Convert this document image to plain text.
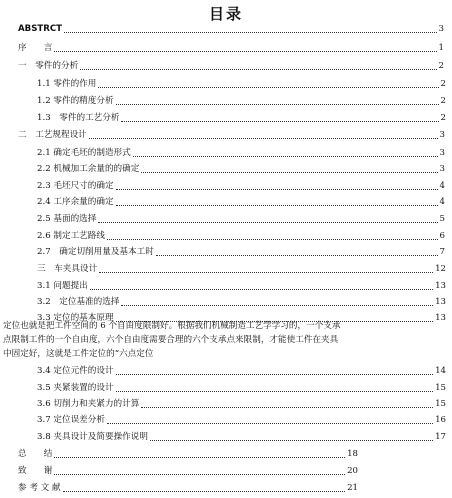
目录
ABSTRCT	3
序　　言	1
一　零件的分析	2
1.1 零件的作用	2
1.2 零件的精度分析	2
1.3　零件的工艺分析	2
二　工艺规程设计	3
2.1 确定毛坯的制造形式	3
2.2 机械加工余量的的确定	3
2.3 毛坯尺寸的确定	4
2.4 工序余量的确定	4
2.5 基面的选择	5
2.6 制定工艺路线	6
2.7　确定切削用量及基本工时	7
三　车夹具设计	12
3.1 问题提出	13
3.2　定位基准的选择	13
3.3 定位的基本原理	13
定位也就是把工件空间的 6 个自由度限制好。根据我们机械制造工艺学学习的，一个支承
点限制工件的一个自由度，六个自由度需要合理的六个支承点来限制，才能使工件在夹具
中固定好，这就是工件定位的“六点定位
3.4 定位元件的设计	14
3.5 夹紧装置的设计	15
3.6 切削力和夹紧力的计算	15
3.7 定位误差分析	16
3.8 夹具设计及简要操作说明	17
总　　结	18
致　　谢	20
参 考 文 献	21
